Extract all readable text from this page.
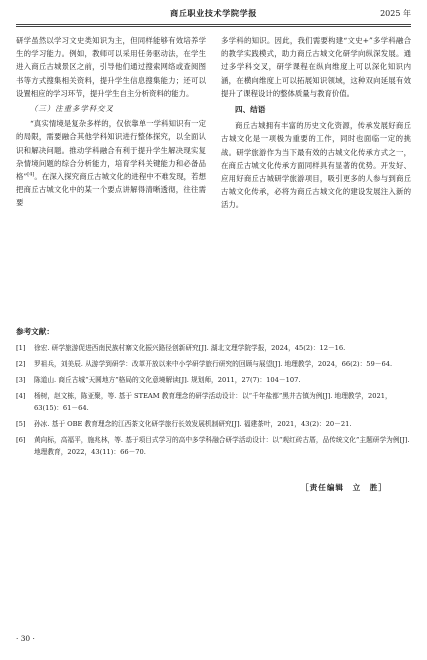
商丘职业技术学院学报	2025 年

研学虽然以学习文史类知识为主，但同样能够有效培养学生的学习能力。例如，教师可以采用任务驱动法，在学生进入商丘古城景区之前，引导他们通过搜索网络或查阅图书等方式搜集相关资料，提升学生信息搜集能力；还可以设置相应的学习环节，提升学生自主分析资料的能力。

（三）注重多学科交叉

“真实情境是复杂多样的，仅依靠单一学科知识有一定的局限，需要融合其他学科知识进行整体探究，以全面认识和解决问题。推动学科融合有利于提升学生解决现实复杂情境问题的综合分析能力，培育学科关键能力和必备品格”[4]。在深入探究商丘古城文化的进程中不难发现，若想把商丘古城文化中的某一个要点讲解得清晰透彻，往往需要

多学科的知识。因此，我们需要构建“文史+”多学科融合的教学实践模式，助力商丘古城文化研学向纵深发展。通过多学科交叉，研学课程在纵向维度上可以深化知识内涵，在横向维度上可以拓展知识领域，这种双向延展有效提升了课程设计的整体质量与教育价值。

四、结语

商丘古城拥有丰富的历史文化资源，传承发展好商丘古城文化是一项极为重要的工作，同时也面临一定的挑战。研学旅游作为当下最有效的古城文化传承方式之一，在商丘古城文化传承方面同样具有显著的优势。开发好、应用好商丘古城研学旅游项目，吸引更多的人参与到商丘古城文化传承，必将为商丘古城文化的建设发展注入新的活力。

参考文献：
[1] 徐宏. 研学旅游促进西南民族村寨文化振兴路径创新研究[J]. 湖北文理学院学报，2024，45(2)：12－16.
[2] 罗祖兵，刘美辰. 从游学到研学：改革开放以来中小学研学旅行研究的回顾与展望[J]. 地理教学，2024，66(2)：59－64.
[3] 陈道山. 商丘古城“天圆地方”格局的文化意境解读[J]. 规划师，2011，27(7)：104－107.
[4] 杨树，赵文栋，陈亚聚，等. 基于 STEAM 教育理念的研学活动设计：以“千年盐都”黑井古镇为例[J]. 地理教学，2021，63(15)：61－64.
[5] 孙冰. 基于 OBE 教育理念的江西茶文化研学旅行长效发展机制研究[J]. 福建茶叶，2021，43(2)：20－21.
[6] 黄向标，高福平，施兆林，等. 基于项目式学习的高中多学科融合研学活动设计：以“观红砖古厝，品传统文化”主题研学为例[J]. 地理教育，2022，43(11)：66－70.
［责任编辑　立　胜］
· 30 ·
